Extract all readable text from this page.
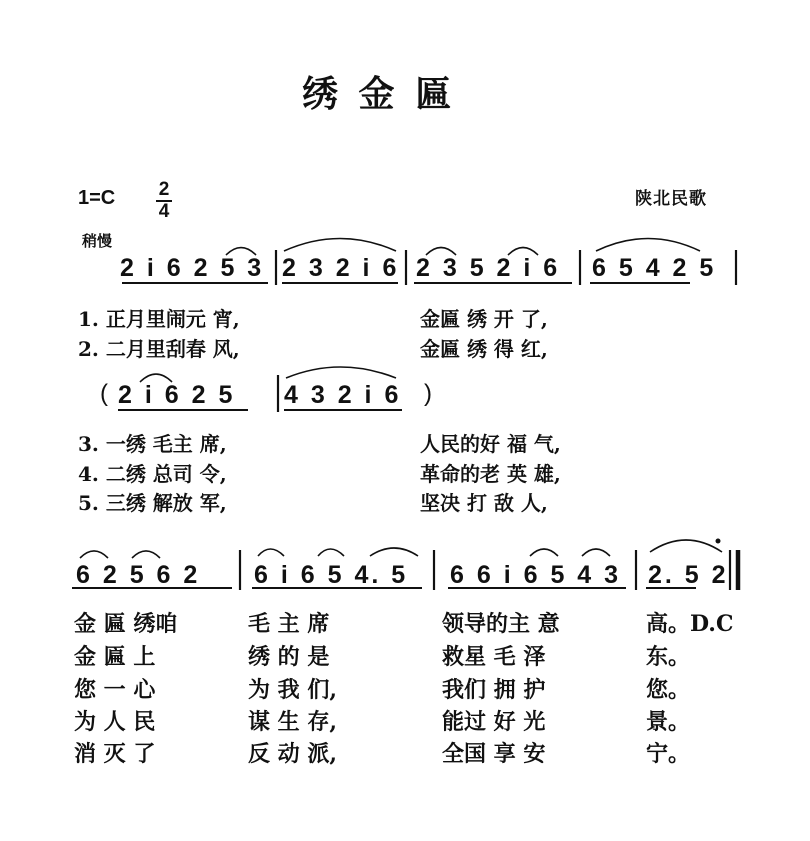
绣 金 匾
1=C 2
4
稍慢
陕北民歌
2 i 6 2 5 3 2 3 2 i 6 2 3 5 2 i 6 6 5 4 2 5
1. 正月里闹元 宵,	金匾 绣 开 了,
2. 二月里刮春 风,	金匾 绣 得 红,
( 2 i 6 2 5 4 3 2 i 6 )
3. 一绣 毛主 席,	人民的好 福 气,
4. 二绣 总司 令,	革命的老 英 雄,
5. 三绣 解放 军,	坚决 打 敌 人,
6 2 5 6 2 6 i 6 5 4. 5 6 6 i 6 5 4 3 2. 5 2
金 匾 绣咱	毛 主 席	领导的主 意	高。D.C
金 匾 上	绣 的 是	救星 毛 泽	东。
您 一 心	为 我 们,	我们 拥 护	您。
为 人 民	谋 生 存,	能过 好 光	景。
消 灭 了	反 动 派,	全国 享 安	宁。
